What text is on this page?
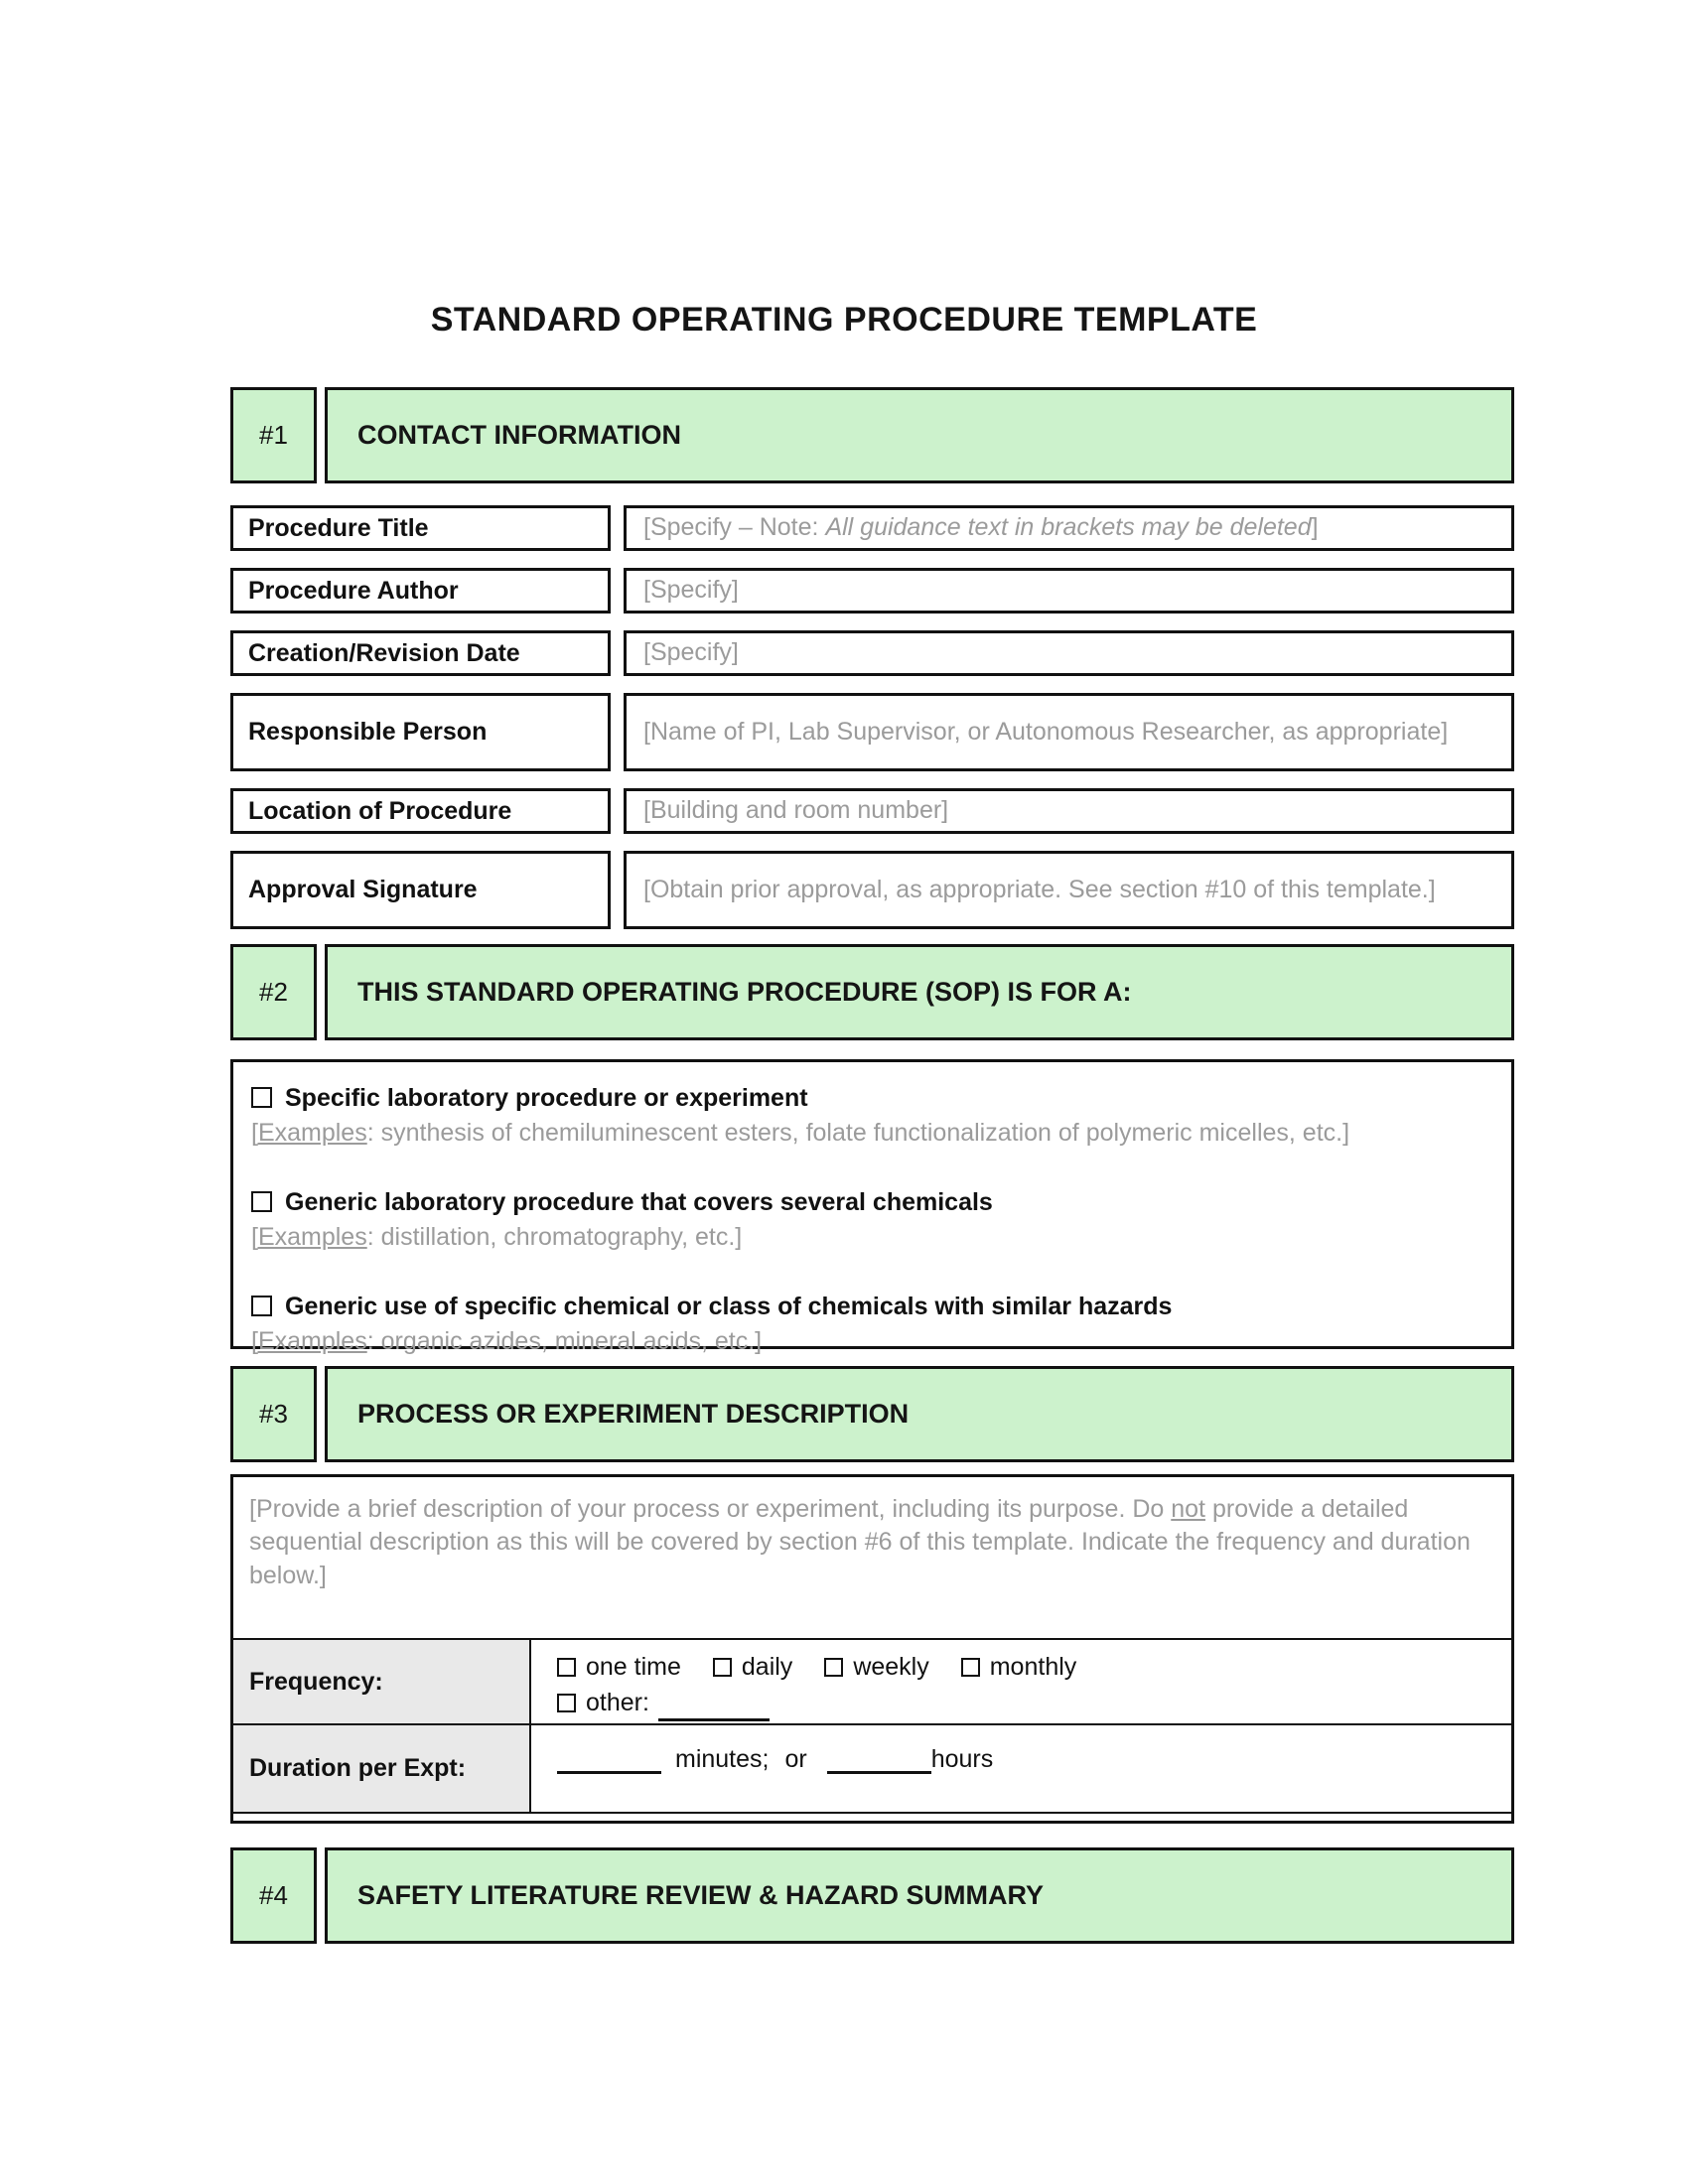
STANDARD OPERATING PROCEDURE TEMPLATE
#1	CONTACT INFORMATION
Procedure Title	[Specify – Note: All guidance text in brackets may be deleted]
Procedure Author	[Specify]
Creation/Revision Date	[Specify]
Responsible Person	[Name of PI, Lab Supervisor, or Autonomous Researcher, as appropriate]
Location of Procedure	[Building and room number]
Approval Signature	[Obtain prior approval, as appropriate. See section #10 of this template.]
#2	THIS STANDARD OPERATING PROCEDURE (SOP) IS FOR A:
Specific laboratory procedure or experiment
[Examples: synthesis of chemiluminescent esters, folate functionalization of polymeric micelles, etc.]
Generic laboratory procedure that covers several chemicals
[Examples: distillation, chromatography, etc.]
Generic use of specific chemical or class of chemicals with similar hazards
[Examples: organic azides, mineral acids, etc.]
#3	PROCESS OR EXPERIMENT DESCRIPTION
[Provide a brief description of your process or experiment, including its purpose. Do not provide a detailed sequential description as this will be covered by section #6 of this template. Indicate the frequency and duration below.]
Frequency:
one time daily weekly monthly
other:
Duration per Expt:	minutes; or	hours
#4	SAFETY LITERATURE REVIEW & HAZARD SUMMARY
